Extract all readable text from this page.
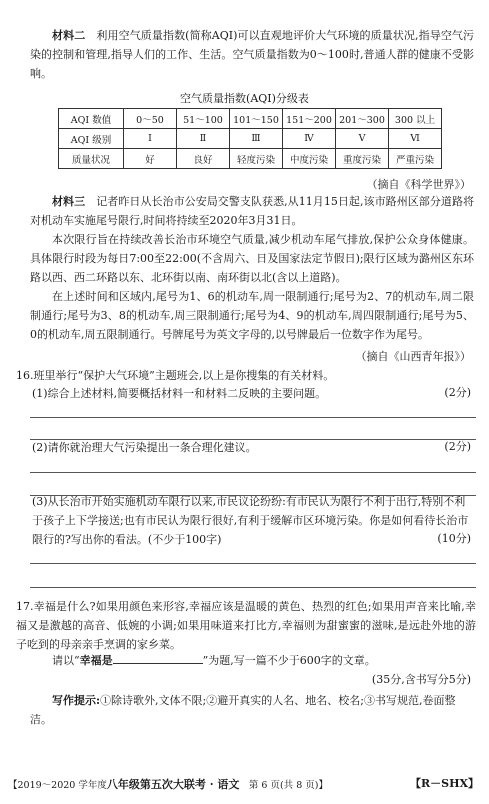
材料二　 利用空气质量指数(简称AQI)可以直观地评价大气环境的质量状况,指导空气污染的控制和管理,指导人们的工作、生活。空气质量指数为0～100时,普通人群的健康不受影响。

空气质量指数(AQI)分级表
AQI 数值	0～50	51～100	101～150	151～200	201～300	300 以上
AQI 级别	Ⅰ	Ⅱ	Ⅲ	Ⅳ	Ⅴ	Ⅵ
质量状况	好	良好	轻度污染	中度污染	重度污染	严重污染
（摘自《科学世界》）

材料三　 记者昨日从长治市公安局交警支队获悉,从11月15日起,该市路州区部分道路将对机动车实施尾号限行,时间将持续至2020年3月31日。

本次限行旨在持续改善长治市环境空气质量,减少机动车尾气排放,保护公众身体健康。具体限行时段为每日7:00至22:00(不含周六、日及国家法定节假日);限行区域为潞州区东环路以西、西二环路以东、北环街以南、南环街以北(含以上道路)。

在上述时间和区域内,尾号为1、6的机动车,周一限制通行;尾号为2、7的机动车,周二限制通行;尾号为3、8的机动车,周三限制通行;尾号为4、9的机动车,周四限制通行;尾号为5、0的机动车,周五限制通行。号牌尾号为英文字母的,以号牌最后一位数字作为尾号。

（摘自《山西青年报》）
16.班里举行“保护大气环境”主题班会,以上是你搜集的有关材料。
(1)综合上述材料,简要概括材料一和材料二反映的主要问题。	(2分)
(2)请你就治理大气污染提出一条合理化建议。	(2分)
(3)从长治市开始实施机动车限行以来,市民议论纷纷:有市民认为限行不利于出行,特别不利于孩子上下学接送;也有市民认为限行很好,有利于缓解市区环境污染。你是如何看待长治市限行的?写出你的看法。(不少于100字)	(10分)
17.幸福是什么?如果用颜色来形容,幸福应该是温暖的黄色、热烈的红色;如果用声音来比喻,幸福又是激越的高音、低婉的小调;如果用味道来打比方,幸福则为甜蜜蜜的滋味,是远赴外地的游子吃到的母亲亲手烹调的家乡菜。
请以“幸福是	”为题,写一篇不少于600字的文章。
(35分,含书写分5分)
写作提示:①除诗歌外,文体不限;②避开真实的人名、地名、校名;③书写规范,卷面整洁。
【2019～2020 学年度八年级第五次大联考 · 语文　 第 6 页(共 8 页)】	【R－SHX】
